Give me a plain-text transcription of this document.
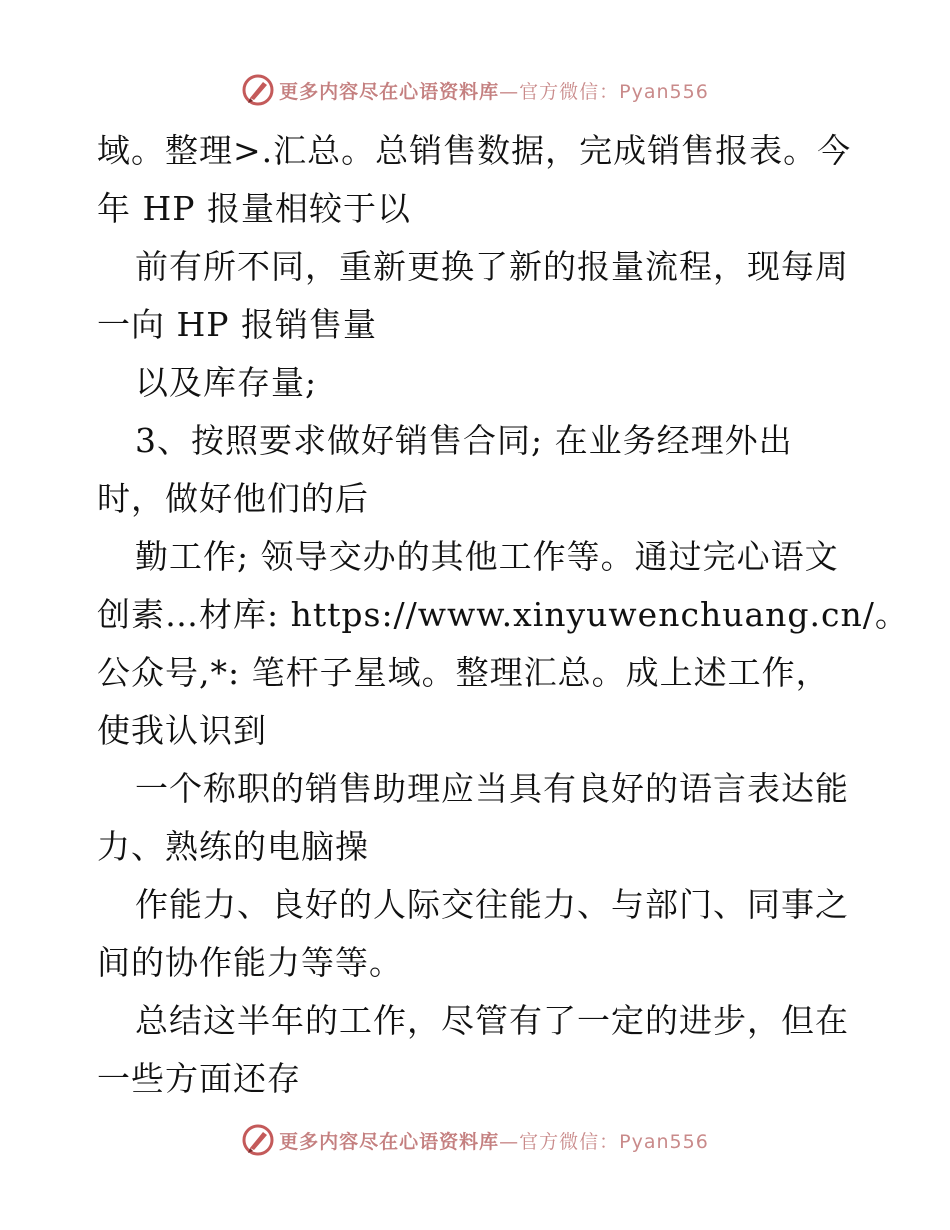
更多内容尽在心语资料库—官方微信：Pyan556
域。整理>.汇总。总销售数据，完成销售报表。今
年 HP 报量相较于以
前有所不同，重新更换了新的报量流程，现每周
一向 HP 报销售量
以及库存量;
3、按照要求做好销售合同; 在业务经理外出
时，做好他们的后
勤工作; 领导交办的其他工作等。通过完心语文
创素…材库: https://www.xinyuwenchuang.cn/。
公众号,*: 笔杆子星域。整理汇总。成上述工作，
使我认识到
一个称职的销售助理应当具有良好的语言表达能
力、熟练的电脑操
作能力、良好的人际交往能力、与部门、同事之
间的协作能力等等。
总结这半年的工作，尽管有了一定的进步，但在
一些方面还存
更多内容尽在心语资料库—官方微信：Pyan556
